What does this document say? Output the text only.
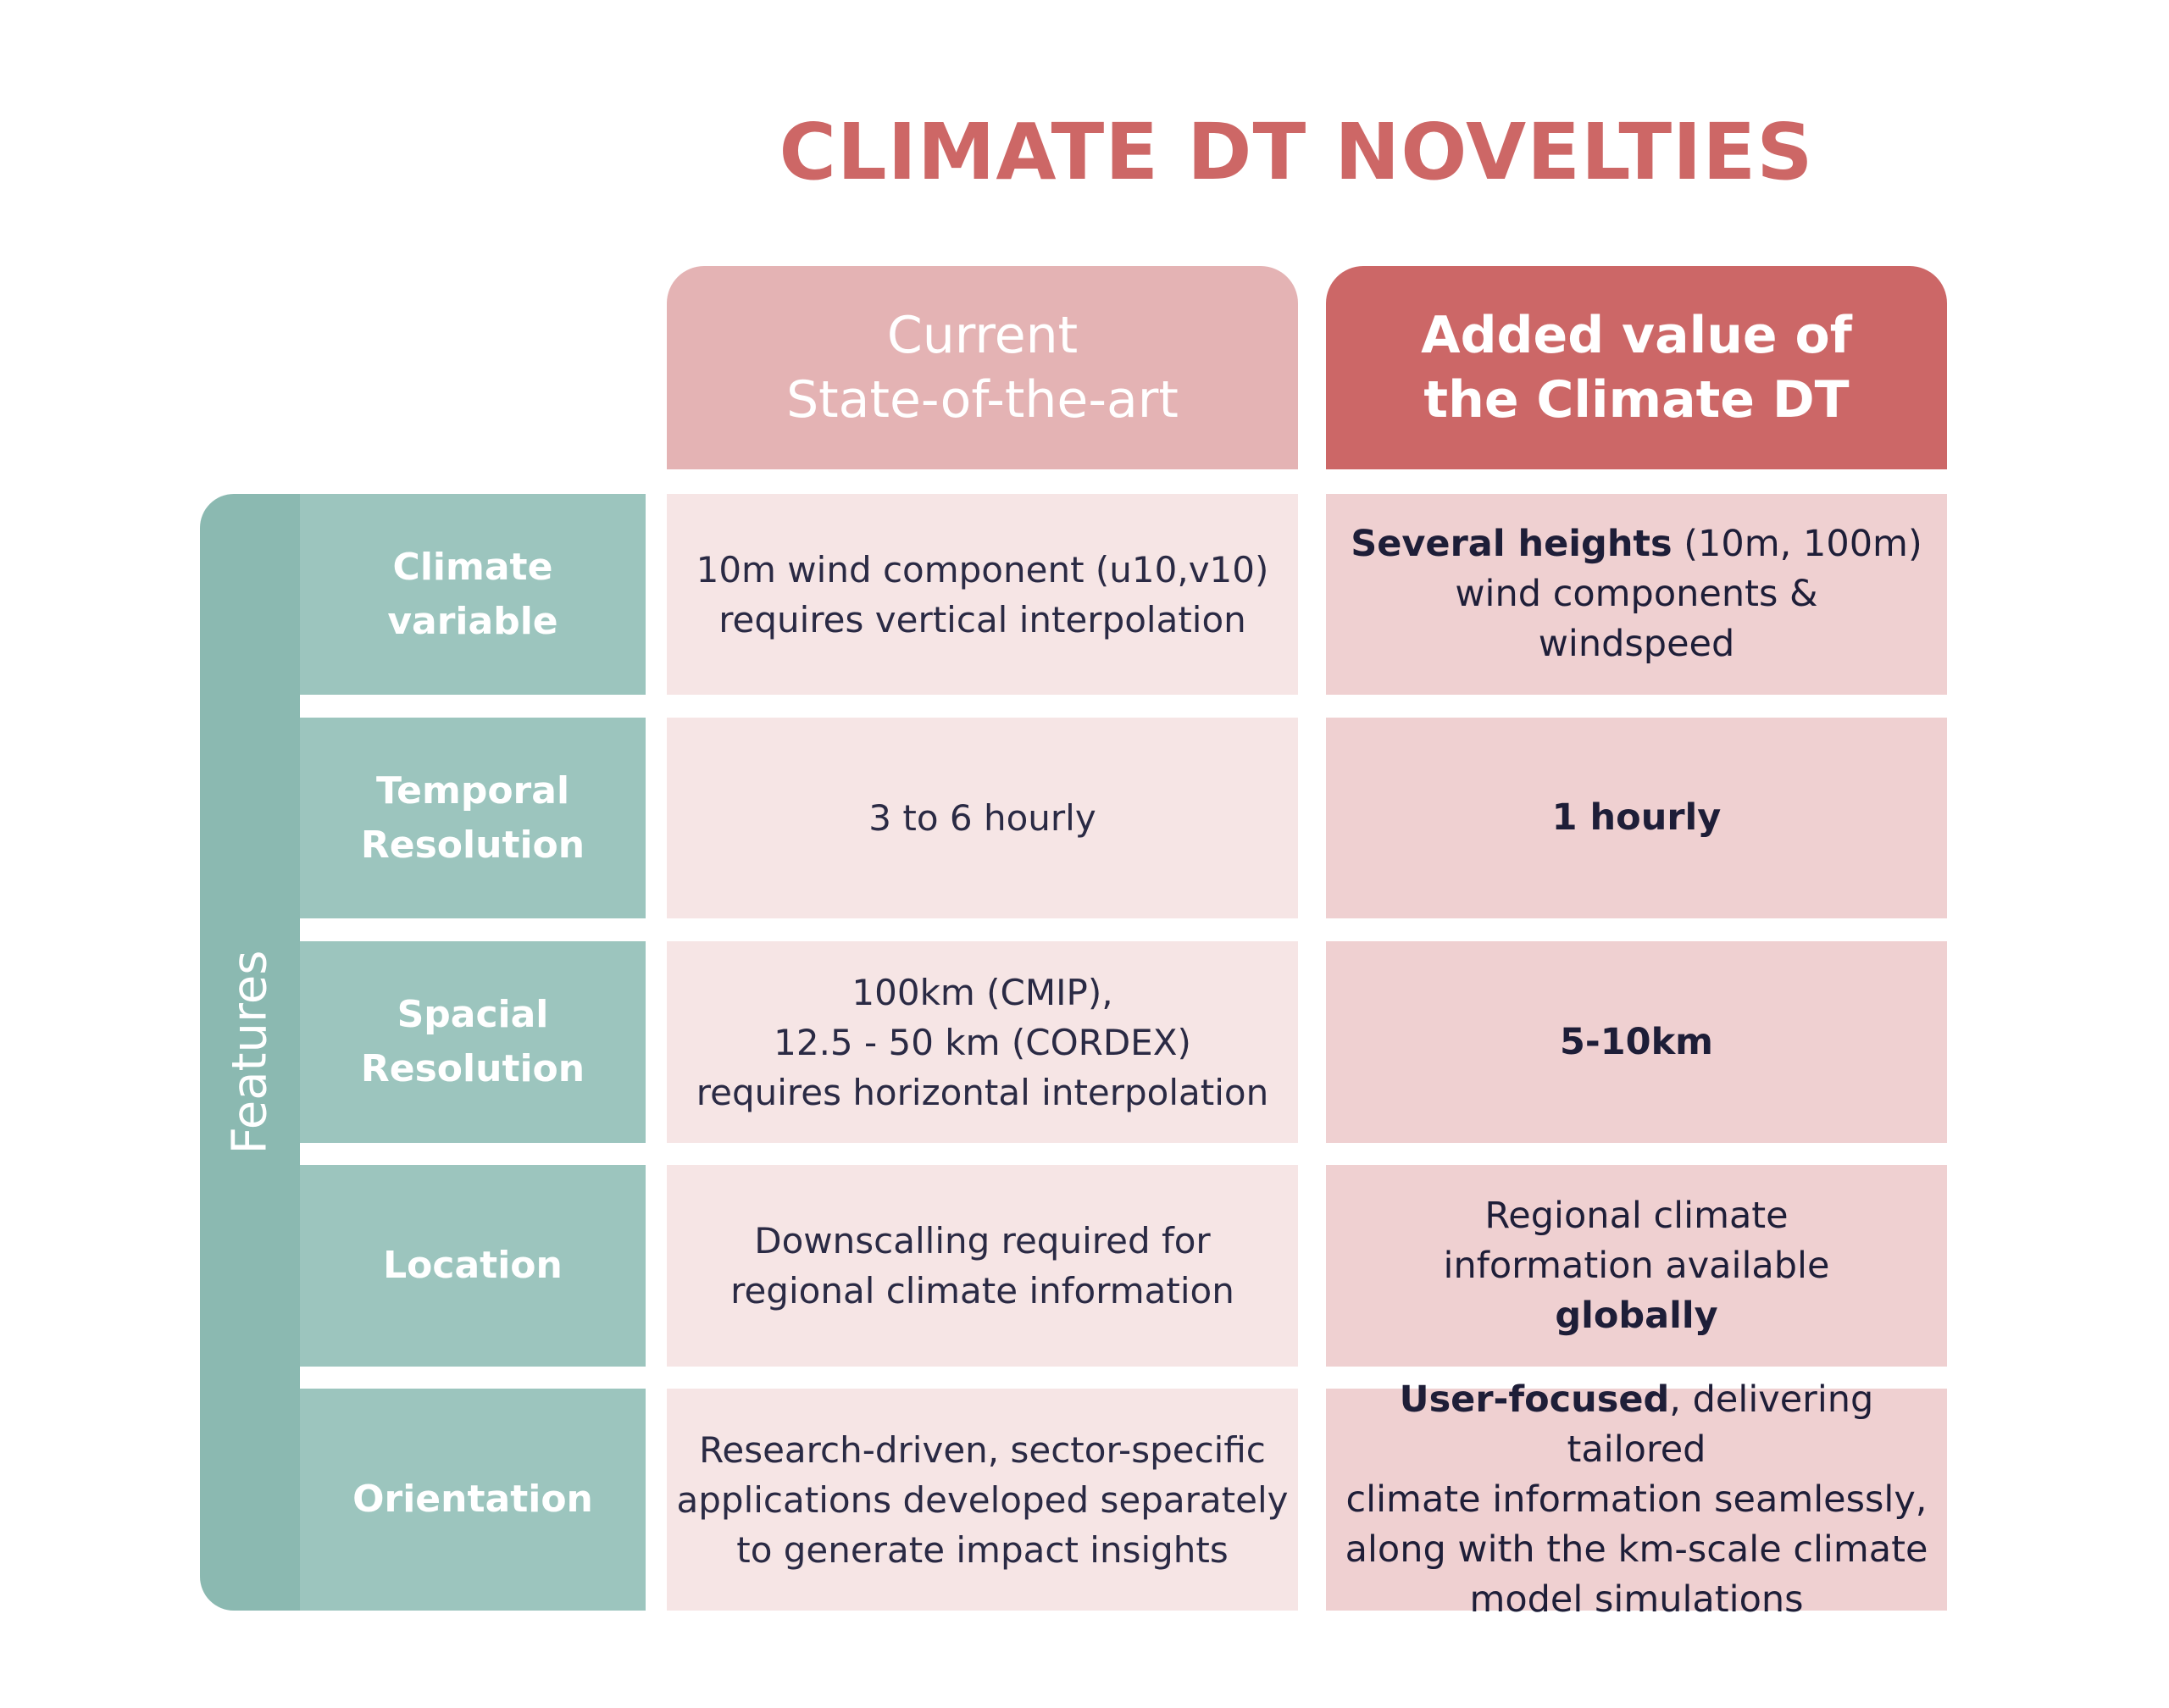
CLIMATE DT NOVELTIES
Current
State-of-the-art
Added value of
the Climate DT
Features
Climate
variable
10m wind component (u10,v10)
requires vertical interpolation
Several heights (10m, 100m)
wind components &
windspeed
Temporal
Resolution
3 to 6 hourly	1 hourly
Spacial
Resolution
100km (CMIP),
12.5 - 50 km (CORDEX)
requires horizontal interpolation
5-10km
Location
Downscalling required for
regional climate information
Regional climate
information available
globally
Orientation
Research-driven, sector-specific
applications developed separately
to generate impact insights
User-focused, delivering tailored
climate information seamlessly,
along with the km-scale climate
model simulations
